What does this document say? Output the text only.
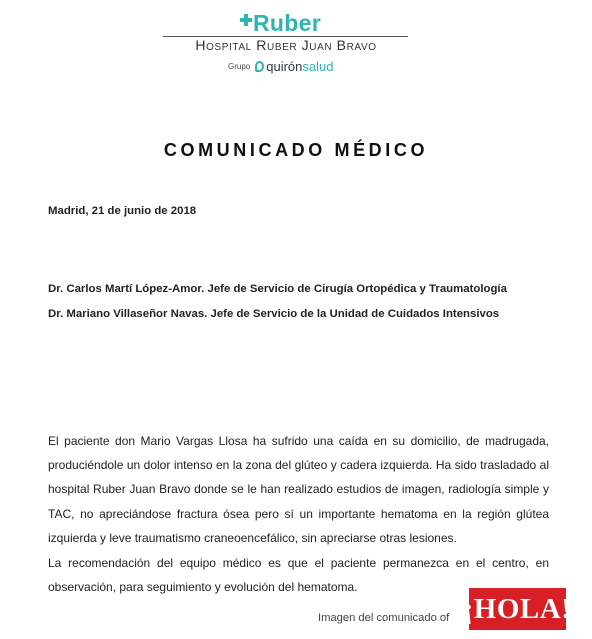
Ruber
Hospital Ruber Juan Bravo
Grupo quirónsalud
COMUNICADO MÉDICO
Madrid, 21 de junio de 2018
Dr. Carlos Martí López-Amor. Jefe de Servicio de Cirugía Ortopédica y Traumatología
Dr. Mariano Villaseñor Navas. Jefe de Servicio de la Unidad de Cuidados Intensivos
El paciente don Mario Vargas Llosa ha sufrido una caída en su domicilio, de madrugada, produciéndole un dolor intenso en la zona del glúteo y cadera izquierda. Ha sido trasladado al hospital Ruber Juan Bravo donde se le han realizado estudios de imagen, radiología simple y TAC, no apreciándose fractura ósea pero sí un importante hematoma en la región glútea izquierda y leve traumatismo craneoencefálico, sin apreciarse otras lesiones.
La recomendación del equipo médico es que el paciente permanezca en el centro, en observación, para seguimiento y evolución del hematoma.
Imagen del comunicado of ¡HOLA!
